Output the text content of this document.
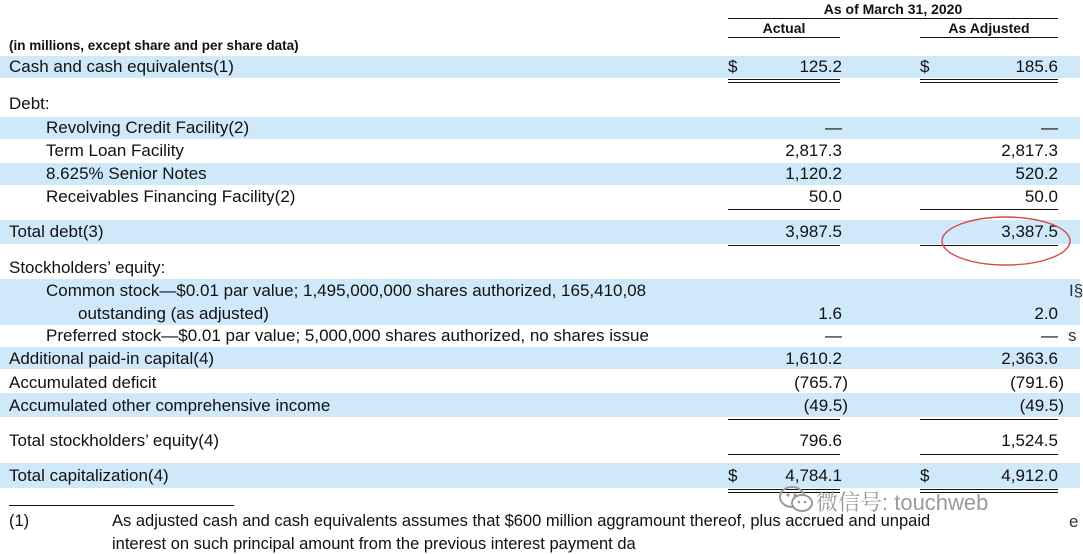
As of March 31, 2020
Actual	As Adjusted
(in millions, except share and per share data)
Cash and cash equivalents(1)	$	125.2	$	185.6
Debt:
Revolving Credit Facility(2)	—	—
Term Loan Facility	2,817.3	2,817.3
8.625% Senior Notes	1,120.2	520.2
Receivables Financing Facility(2)	50.0	50.0
Total debt(3)	3,987.5	3,387.5
Stockholders’ equity:
Common stock—$0.01 par value; 1,495,000,000 shares authorized, 165,410,08	I§
outstanding (as adjusted)	1.6	2.0
Preferred stock—$0.01 par value; 5,000,000 shares authorized, no shares issue	—	— s
Additional paid-in capital(4)	1,610.2	2,363.6
Accumulated deficit	(765.7)	(791.6)
Accumulated other comprehensive income	(49.5)	(49.5)
Total stockholders’ equity(4)	796.6	1,524.5
Total capitalization(4)	$	4,784.1	$	4,912.0
(1)	As adjusted cash and cash equivalents assumes that $600 million aggramount thereof, plus accrued and unpaid	e
interest on such principal amount from the previous interest payment da
微信号: touchweb
